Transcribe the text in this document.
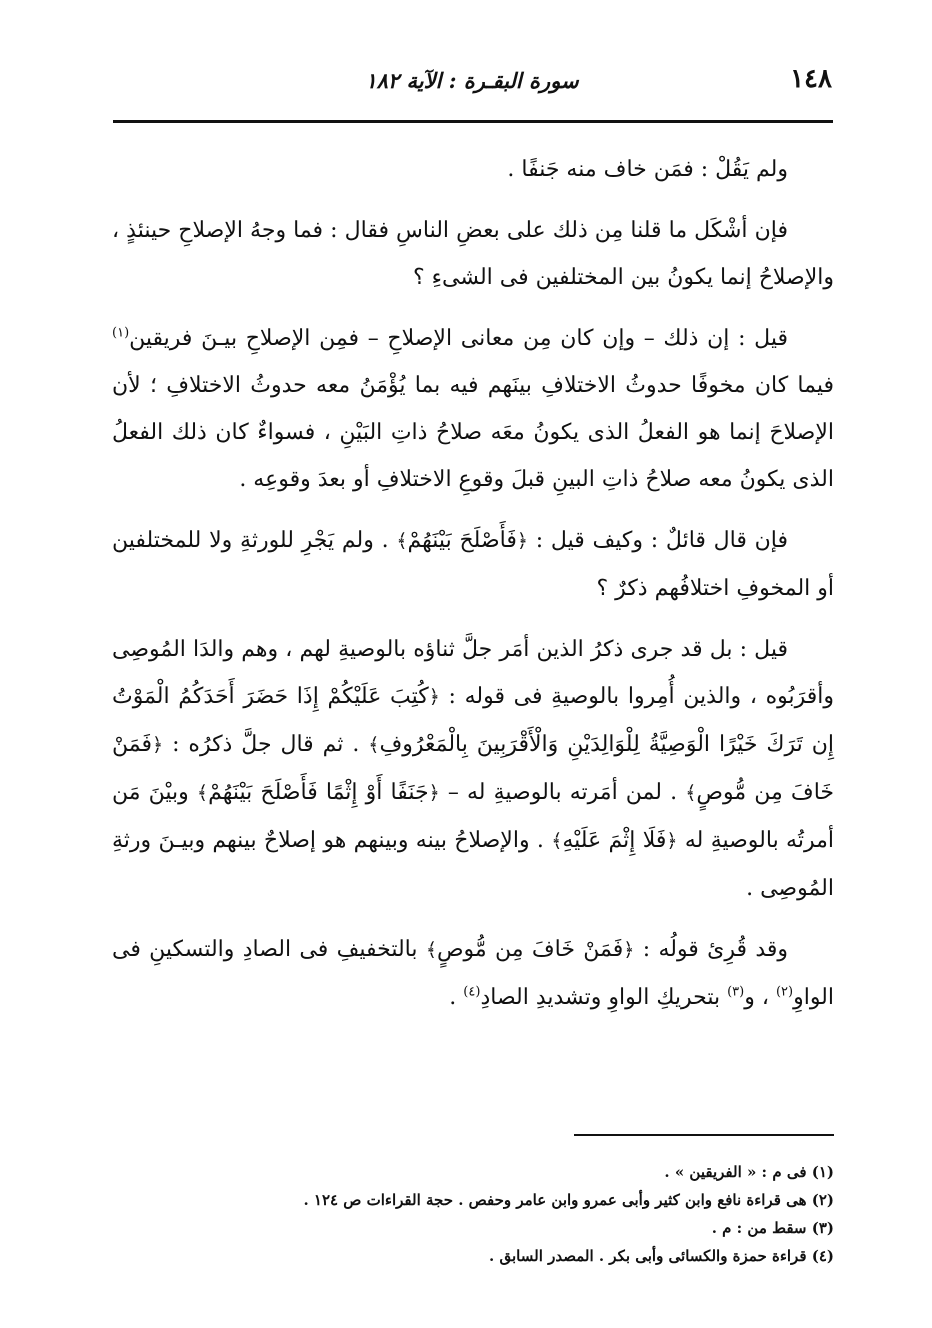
١٤٨
سورة البقـرة : الآية ١٨٢

ولم يَقُلْ : فمَن خاف منه جَنفًا .

فإن أشْكَل ما قلنا مِن ذلك على بعضِ الناسِ فقال : فما وجهُ الإصلاحِ حينئذٍ ، والإصلاحُ إنما يكونُ بين المختلفين فى الشىءِ ؟

قيل : إن ذلك – وإن كان مِن معانى الإصلاحِ – فمِن الإصلاحِ بيـنَ فريقين$^{(١)}$ فيما كان مخوفًا حدوثُ الاختلافِ بينَهم فيه بما يُؤْمَنُ معه حدوثُ الاختلافِ ؛ لأن الإصلاحَ إنما هو الفعلُ الذى يكونُ معَه صلاحُ ذاتِ البَيْنِ ، فسواءٌ كان ذلك الفعلُ الذى يكونُ معه صلاحُ ذاتِ البينِ قبلَ وقوعِ الاختلافِ أو بعدَ وقوعِه .

فإن قال قائلٌ : وكيف قيل : ﴿فَأَصْلَحَ بَيْنَهُمْ﴾ . ولم يَجْرِ للورثةِ ولا للمختلفين أو المخوفِ اختلافُهم ذكرٌ ؟

قيل : بل قد جرى ذكرُ الذين أمَر جلَّ ثناؤه بالوصيةِ لهم ، وهم والدَا المُوصِى وأقرَبُوه ، والذين أُمِروا بالوصيةِ فى قوله : ﴿كُتِبَ عَلَيْكُمْ إِذَا حَضَرَ أَحَدَكُمُ الْمَوْتُ إِن تَرَكَ خَيْرًا الْوَصِيَّةُ لِلْوَالِدَيْنِ وَالْأَقْرَبِينَ بِالْمَعْرُوفِ﴾ . ثم قال جلَّ ذكرُه : ﴿فَمَنْ خَافَ مِن مُّوصٍ﴾ . لمن أمَرته بالوصيةِ له – ﴿جَنَفًا أَوْ إِثْمًا فَأَصْلَحَ بَيْنَهُمْ﴾ وبيْنَ مَن أمرتُه بالوصيةِ له ﴿فَلَا إِثْمَ عَلَيْهِ﴾ . والإصلاحُ بينه وبينهم هو إصلاحٌ بينهم وبيـنَ ورثةِ المُوصِى .

وقد قُرِئ قولُه : ﴿فَمَنْ خَافَ مِن مُّوصٍ﴾ بالتخفيفِ فى الصادِ والتسكينِ فى الواوِ$^{(٢)}$ ، و$^{(٣)}$ بتحريكِ الواوِ وتشديدِ الصادِ$^{(٤)}$ .

(١) فى م : « الفريقين » .

(٢) هى قراءة نافع وابن كثير وأبى عمرو وابن عامر وحفص . حجة القراءات ص ١٢٤ .

(٣) سقط من : م .

(٤) قراءة حمزة والكسائى وأبى بكر . المصدر السابق .
